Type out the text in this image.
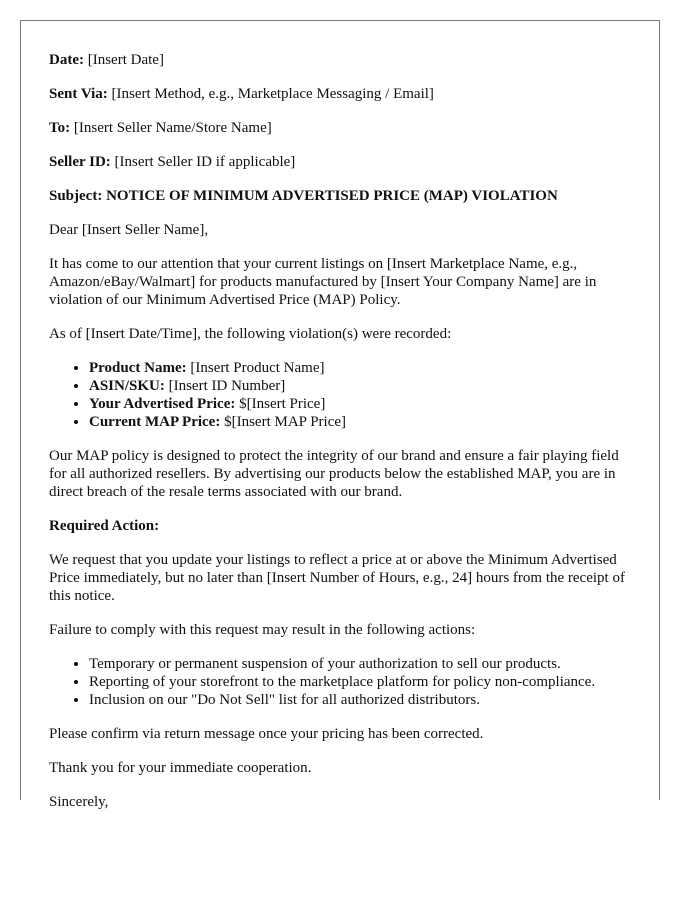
Date: [Insert Date]

Sent Via: [Insert Method, e.g., Marketplace Messaging / Email]

To: [Insert Seller Name/Store Name]

Seller ID: [Insert Seller ID if applicable]

Subject: NOTICE OF MINIMUM ADVERTISED PRICE (MAP) VIOLATION

Dear [Insert Seller Name],

It has come to our attention that your current listings on [Insert Marketplace Name, e.g., Amazon/eBay/Walmart] for products manufactured by [Insert Your Company Name] are in violation of our Minimum Advertised Price (MAP) Policy.

As of [Insert Date/Time], the following violation(s) were recorded:

• Product Name: [Insert Product Name]
• ASIN/SKU: [Insert ID Number]
• Your Advertised Price: $[Insert Price]
• Current MAP Price: $[Insert MAP Price]

Our MAP policy is designed to protect the integrity of our brand and ensure a fair playing field for all authorized resellers. By advertising our products below the established MAP, you are in direct breach of the resale terms associated with our brand.

Required Action:

We request that you update your listings to reflect a price at or above the Minimum Advertised Price immediately, but no later than [Insert Number of Hours, e.g., 24] hours from the receipt of this notice.

Failure to comply with this request may result in the following actions:

• Temporary or permanent suspension of your authorization to sell our products.
• Reporting of your storefront to the marketplace platform for policy non-compliance.
• Inclusion on our "Do Not Sell" list for all authorized distributors.

Please confirm via return message once your pricing has been corrected.

Thank you for your immediate cooperation.

Sincerely,
